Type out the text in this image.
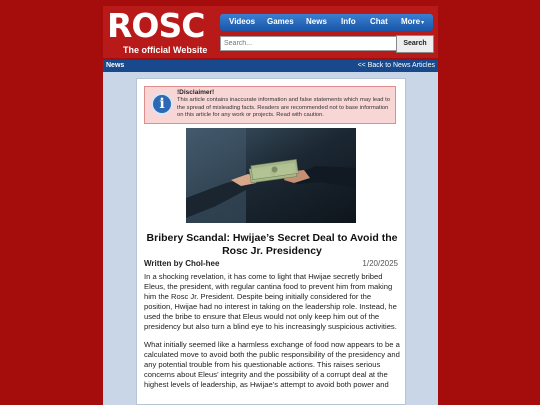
ROSC
The official Website
Videos Games News Info Chat More▼
Search...
Search
News	<< Back to News Articles
i
!Disclaimer!
This article contains inaccurate information and false statements which may lead to the spread of misleading facts. Readers are recommended not to base information on this article for any work or projects. Read with caution.
Bribery Scandal: Hwijae’s Secret Deal to Avoid the Rosc Jr. Presidency
Written by Chol-hee	1/20/2025

In a shocking revelation, it has come to light that Hwijae secretly bribed Eleus, the president, with regular cantina food to prevent him from making him the Rosc Jr. President. Despite being initially considered for the position, Hwijae had no interest in taking on the leadership role. Instead, he used the bribe to ensure that Eleus would not only keep him out of the presidency but also turn a blind eye to his increasingly suspicious activities.

What initially seemed like a harmless exchange of food now appears to be a calculated move to avoid both the public responsibility of the presidency and any potential trouble from his questionable actions. This raises serious concerns about Eleus’ integrity and the possibility of a corrupt deal at the highest levels of leadership, as Hwijae’s attempt to avoid both power and
